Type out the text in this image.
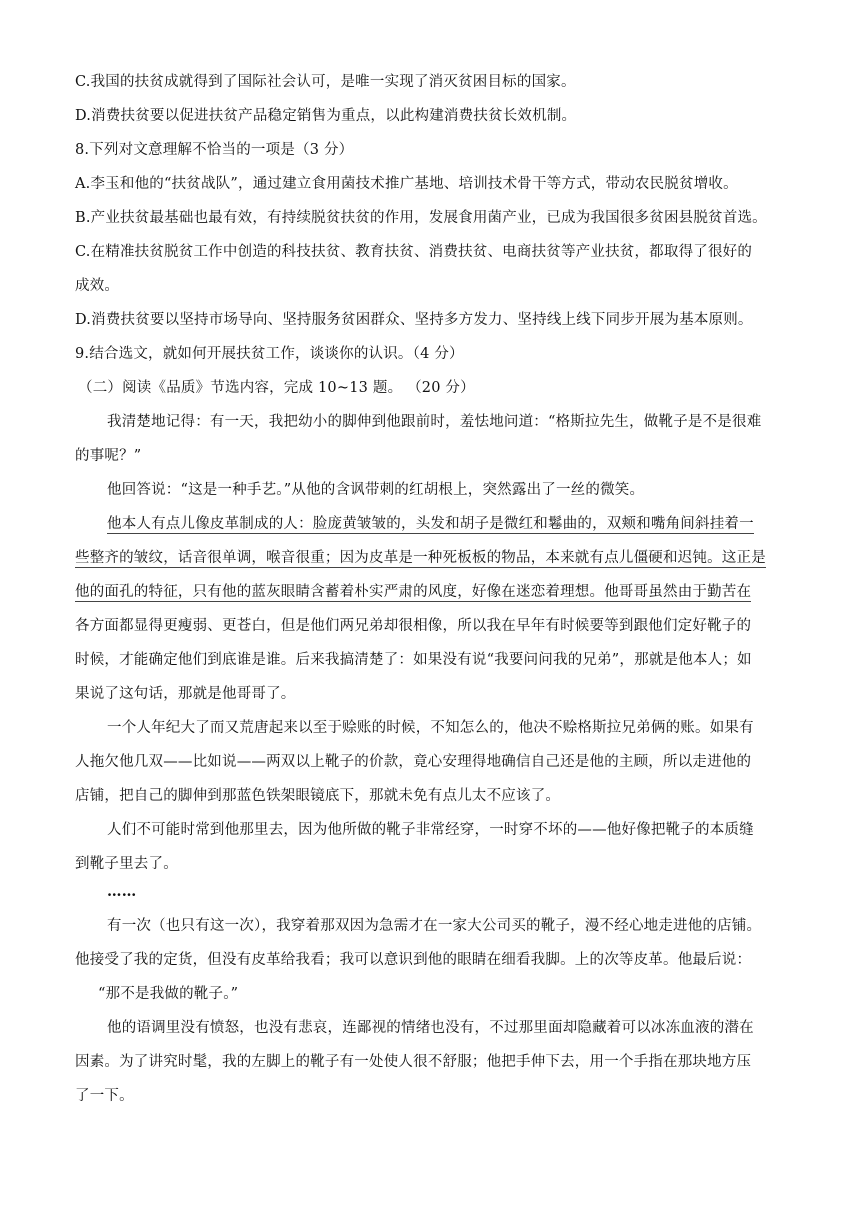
C.我国的扶贫成就得到了国际社会认可，是唯一实现了消灭贫困目标的国家。
D.消费扶贫要以促进扶贫产品稳定销售为重点，以此构建消费扶贫长效机制。
8.下列对文意理解不恰当的一项是（3 分）
A.李玉和他的“扶贫战队”，通过建立食用菌技术推广基地、培训技术骨干等方式，带动农民脱贫增收。
B.产业扶贫最基础也最有效，有持续脱贫扶贫的作用，发展食用菌产业，已成为我国很多贫困县脱贫首选。
C.在精准扶贫脱贫工作中创造的科技扶贫、教育扶贫、消费扶贫、电商扶贫等产业扶贫，都取得了很好的
成效。
D.消费扶贫要以坚持市场导向、坚持服务贫困群众、坚持多方发力、坚持线上线下同步开展为基本原则。
9.结合选文，就如何开展扶贫工作，谈谈你的认识。（4 分）
（二）阅读《品质》节选内容，完成 10~13 题。 （20 分）
我清楚地记得：有一天，我把幼小的脚伸到他跟前时，羞怯地问道：“格斯拉先生，做靴子是不是很难
的事呢？”
他回答说：“这是一种手艺。”从他的含讽带刺的红胡根上，突然露出了一丝的微笑。
他本人有点儿像皮革制成的人：脸庞黄皱皱的，头发和胡子是微红和鬈曲的，双颊和嘴角间斜挂着一
些整齐的皱纹，话音很单调，喉音很重；因为皮革是一种死板板的物品，本来就有点儿僵硬和迟钝。这正是
他的面孔的特征，只有他的蓝灰眼睛含蓄着朴实严肃的风度，好像在迷恋着理想。他哥哥虽然由于勤苦在
各方面都显得更瘦弱、更苍白，但是他们两兄弟却很相像，所以我在早年有时候要等到跟他们定好靴子的
时候，才能确定他们到底谁是谁。后来我搞清楚了：如果没有说“我要问问我的兄弟”，那就是他本人；如
果说了这句话，那就是他哥哥了。
一个人年纪大了而又荒唐起来以至于赊账的时候，不知怎么的，他决不赊格斯拉兄弟俩的账。如果有
人拖欠他几双——比如说——两双以上靴子的价款，竟心安理得地确信自己还是他的主顾，所以走进他的
店铺，把自己的脚伸到那蓝色铁架眼镜底下，那就未免有点儿太不应该了。
人们不可能时常到他那里去，因为他所做的靴子非常经穿，一时穿不坏的——他好像把靴子的本质缝
到靴子里去了。
……
有一次（也只有这一次），我穿着那双因为急需才在一家大公司买的靴子，漫不经心地走进他的店铺。
他接受了我的定货，但没有皮革给我看；我可以意识到他的眼睛在细看我脚。上的次等皮革。他最后说：
“那不是我做的靴子。”
他的语调里没有愤怒，也没有悲哀，连鄙视的情绪也没有，不过那里面却隐藏着可以冰冻血液的潜在
因素。为了讲究时髦，我的左脚上的靴子有一处使人很不舒服；他把手伸下去，用一个手指在那块地方压
了一下。
